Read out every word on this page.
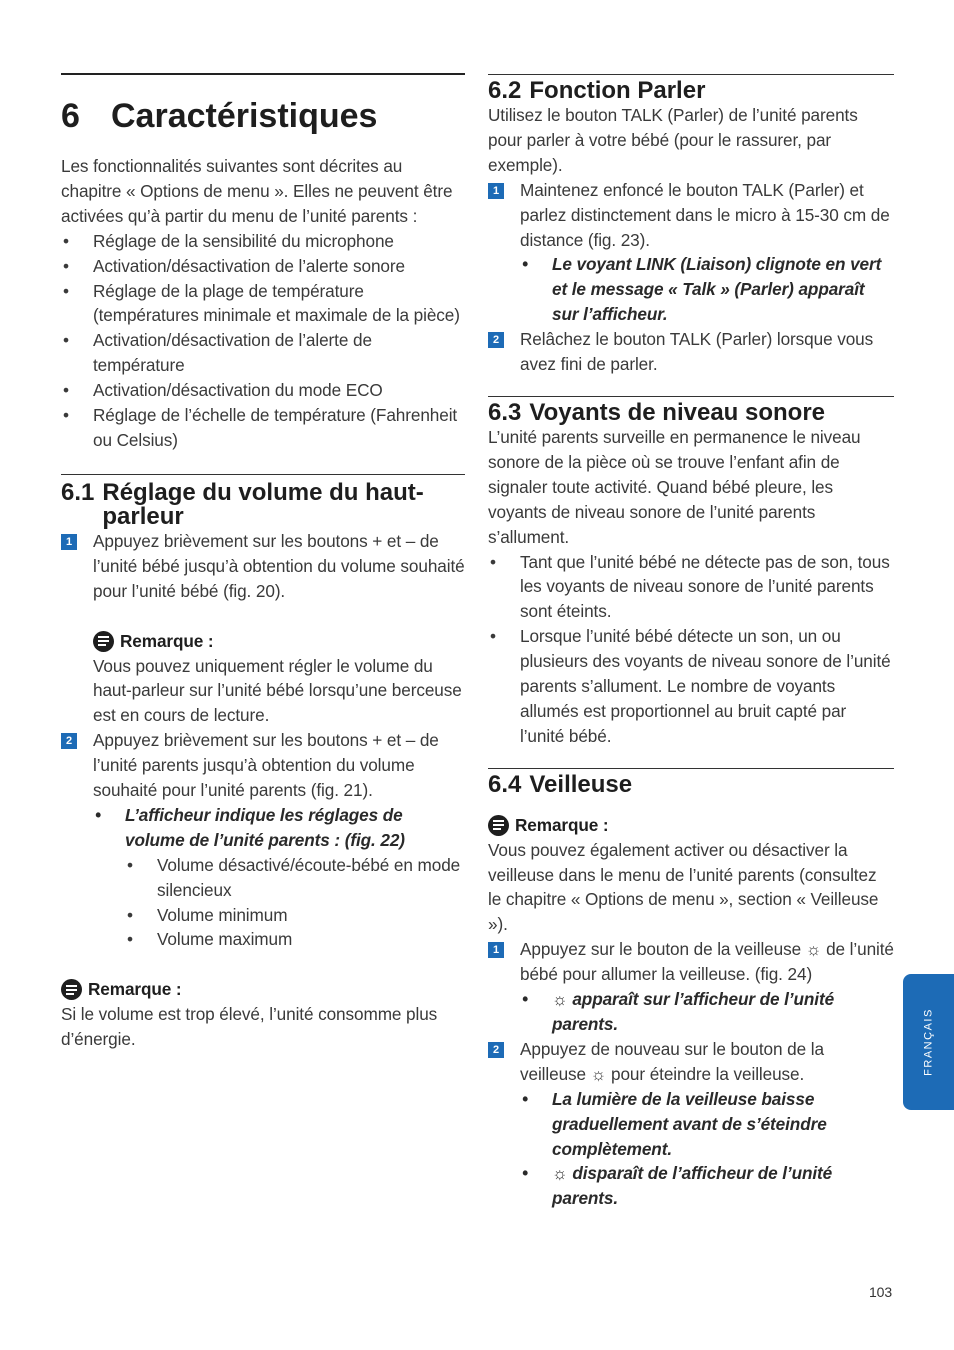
6 Caractéristiques

Les fonctionnalités suivantes sont décrites au chapitre « Options de menu ». Elles ne peuvent être activées qu’à partir du menu de l’unité parents :

• Réglage de la sensibilité du microphone
• Activation/désactivation de l’alerte sonore
• Réglage de la plage de température (températures minimale et maximale de la pièce)
• Activation/désactivation de l’alerte de température
• Activation/désactivation du mode ECO
• Réglage de l’échelle de température (Fahrenheit ou Celsius)
6.1 Réglage du volume du haut-parleur
1 Appuyez brièvement sur les boutons + et – de l’unité bébé jusqu’à obtention du volume souhaité pour l’unité bébé (fig. 20).
Remarque :

Vous pouvez uniquement régler le volume du haut-parleur sur l’unité bébé lorsqu’une berceuse est en cours de lecture.

2 Appuyez brièvement sur les boutons + et – de l’unité parents jusqu’à obtention du volume souhaité pour l’unité parents (fig. 21).
• L’afficheur indique les réglages de volume de l’unité parents : (fig. 22)
• Volume désactivé/écoute-bébé en mode silencieux
• Volume minimum
• Volume maximum
Remarque :

Si le volume est trop élevé, l’unité consomme plus d’énergie.

6.2 Fonction Parler

Utilisez le bouton TALK (Parler) de l’unité parents pour parler à votre bébé (pour le rassurer, par exemple).

1 Maintenez enfoncé le bouton TALK (Parler) et parlez distinctement dans le micro à 15-30 cm de distance (fig. 23).
• Le voyant LINK (Liaison) clignote en vert et le message « Talk » (Parler) apparaît sur l’afficheur.
2 Relâchez le bouton TALK (Parler) lorsque vous avez fini de parler.
6.3 Voyants de niveau sonore

L’unité parents surveille en permanence le niveau sonore de la pièce où se trouve l’enfant afin de signaler toute activité. Quand bébé pleure, les voyants de niveau sonore de l’unité parents s’allument.

• Tant que l’unité bébé ne détecte pas de son, tous les voyants de niveau sonore de l’unité parents sont éteints.
• Lorsque l’unité bébé détecte un son, un ou plusieurs des voyants de niveau sonore de l’unité parents s’allument. Le nombre de voyants allumés est proportionnel au bruit capté par l’unité bébé.
6.4 Veilleuse
Remarque :

Vous pouvez également activer ou désactiver la veilleuse dans le menu de l’unité parents (consultez le chapitre « Options de menu », section « Veilleuse »).

1 Appuyez sur le bouton de la veilleuse ☼ de l’unité bébé pour allumer la veilleuse. (fig. 24)
• ☼ apparaît sur l’afficheur de l’unité parents.
2 Appuyez de nouveau sur le bouton de la veilleuse ☼ pour éteindre la veilleuse.
• La lumière de la veilleuse baisse graduellement avant de s’éteindre complètement.
• ☼ disparaît de l’afficheur de l’unité parents.
FRANÇAIS
103
